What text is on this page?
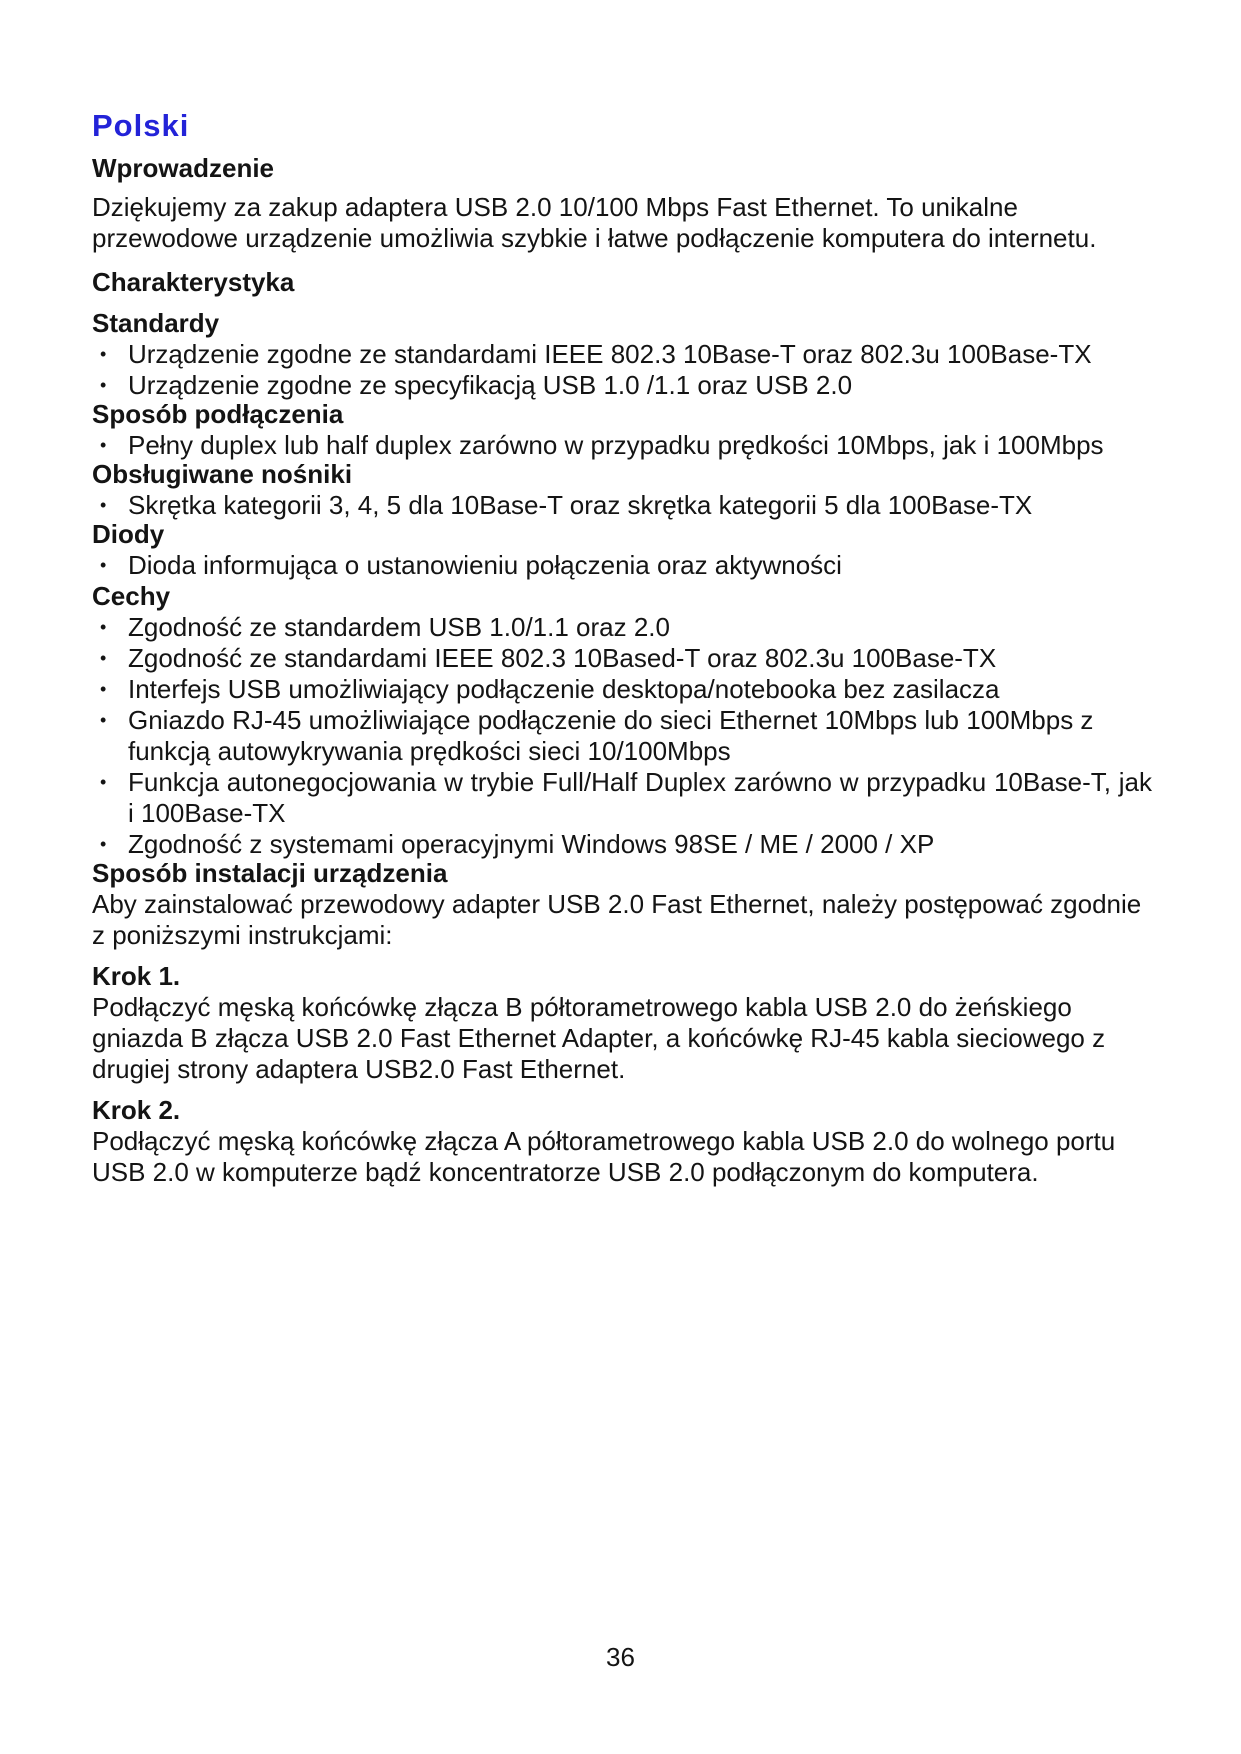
Polski
Wprowadzenie
Dziękujemy za zakup adaptera USB 2.0 10/100 Mbps Fast Ethernet. To unikalne przewodowe urządzenie umożliwia szybkie i łatwe podłączenie komputera do internetu.
Charakterystyka
Standardy
• Urządzenie zgodne ze standardami IEEE 802.3 10Base-T oraz 802.3u 100Base-TX
• Urządzenie zgodne ze specyfikacją USB 1.0 /1.1 oraz USB 2.0
Sposób podłączenia
• Pełny duplex lub half duplex zarówno w przypadku prędkości 10Mbps, jak i 100Mbps
Obsługiwane nośniki
• Skrętka kategorii 3, 4, 5 dla 10Base-T oraz skrętka kategorii 5 dla 100Base-TX
Diody
• Dioda informująca o ustanowieniu połączenia oraz aktywności
Cechy
• Zgodność ze standardem USB 1.0/1.1 oraz 2.0
• Zgodność ze standardami IEEE 802.3 10Based-T oraz 802.3u 100Base-TX
• Interfejs USB umożliwiający podłączenie desktopa/notebooka bez zasilacza
• Gniazdo RJ-45 umożliwiające podłączenie do sieci Ethernet 10Mbps lub 100Mbps z funkcją autowykrywania prędkości sieci 10/100Mbps
• Funkcja autonegocjowania w trybie Full/Half Duplex zarówno w przypadku 10Base-T, jak i 100Base-TX
• Zgodność z systemami operacyjnymi Windows 98SE / ME / 2000 / XP
Sposób instalacji urządzenia
Aby zainstalować przewodowy adapter USB 2.0 Fast Ethernet, należy postępować zgodnie z poniższymi instrukcjami:
Krok 1.
Podłączyć męską końcówkę złącza B półtorametrowego kabla USB 2.0 do żeńskiego gniazda B złącza USB 2.0 Fast Ethernet Adapter, a końcówkę RJ-45 kabla sieciowego z drugiej strony adaptera USB2.0 Fast Ethernet.
Krok 2.
Podłączyć męską końcówkę złącza A półtorametrowego kabla USB 2.0 do wolnego portu USB 2.0 w komputerze bądź koncentratorze USB 2.0 podłączonym do komputera.
36
